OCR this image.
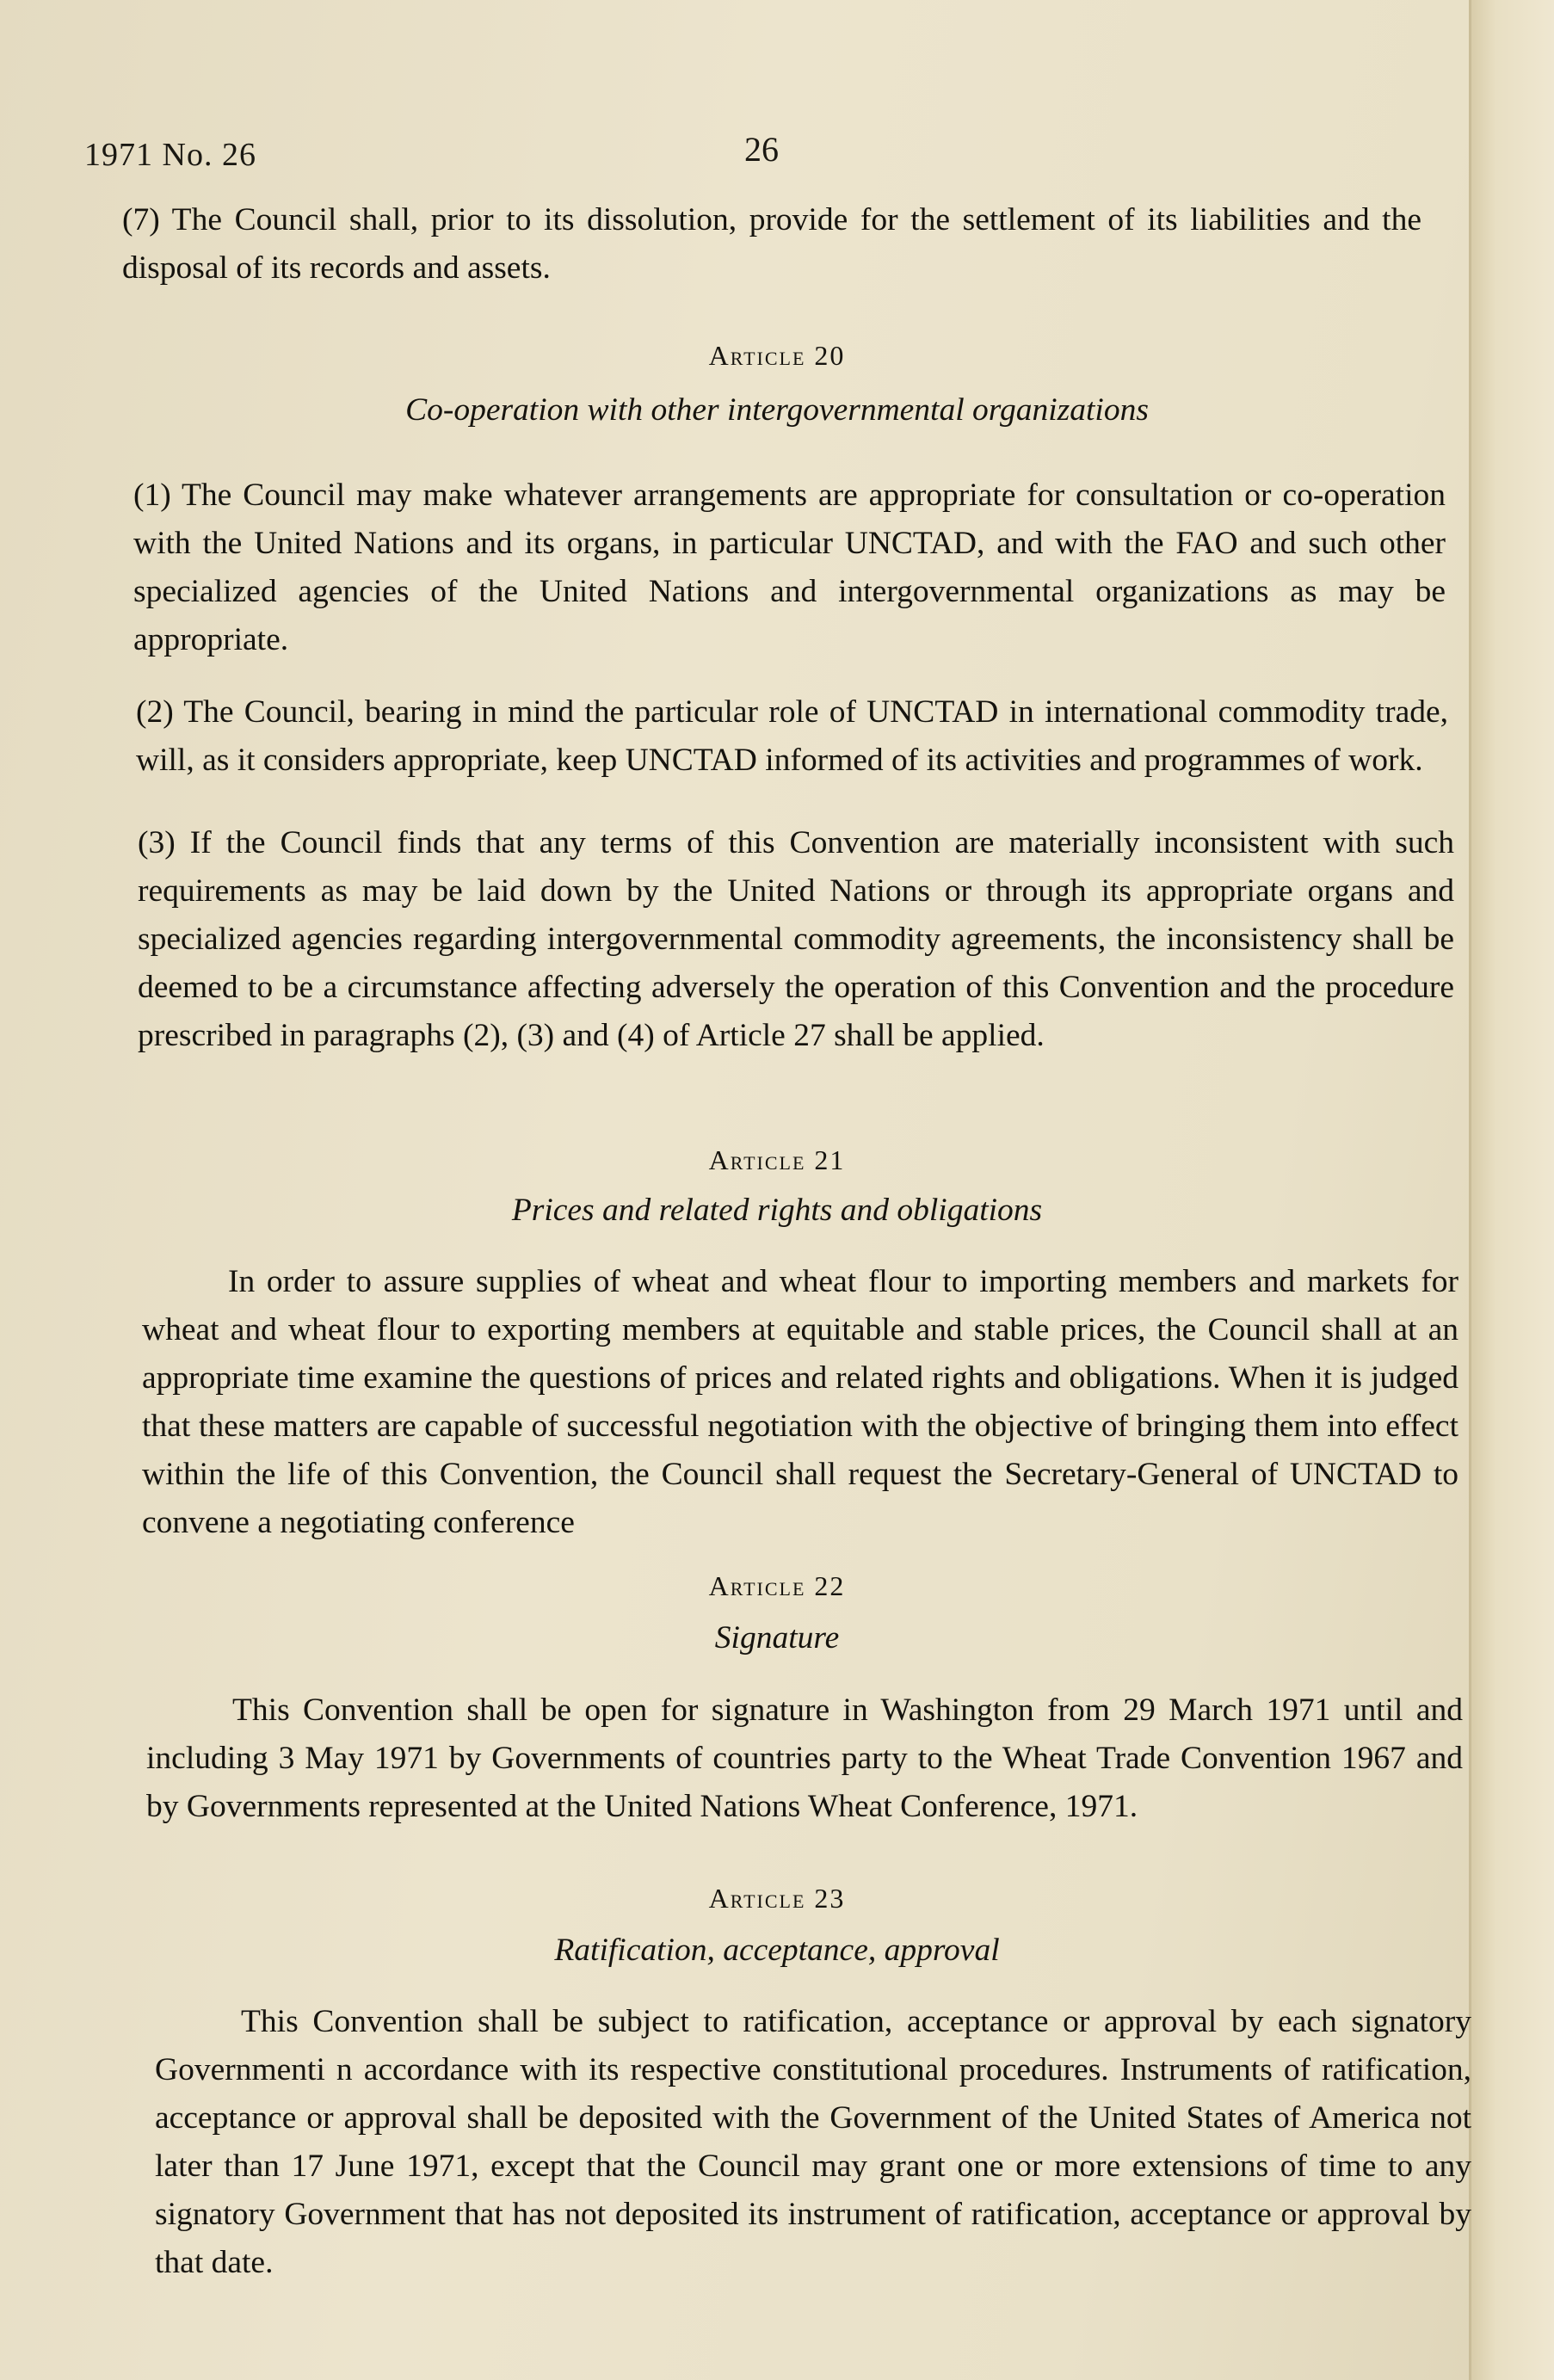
1971 No. 26	26
(7) The Council shall, prior to its dissolution, provide for the settlement of its liabilities and the disposal of its records and assets.
Article 20
Co-operation with other intergovernmental organizations
(1) The Council may make whatever arrangements are appropriate for consultation or co-operation with the United Nations and its organs, in particular UNCTAD, and with the FAO and such other specialized agencies of the United Nations and intergovernmental organizations as may be appropriate.
(2) The Council, bearing in mind the particular role of UNCTAD in international commodity trade, will, as it considers appropriate, keep UNCTAD informed of its activities and programmes of work.
(3) If the Council finds that any terms of this Convention are materially inconsistent with such requirements as may be laid down by the United Nations or through its appropriate organs and specialized agencies regarding intergovernmental commodity agreements, the inconsistency shall be deemed to be a circumstance affecting adversely the operation of this Convention and the procedure prescribed in paragraphs (2), (3) and (4) of Article 27 shall be applied.
Article 21
Prices and related rights and obligations
In order to assure supplies of wheat and wheat flour to importing members and markets for wheat and wheat flour to exporting members at equitable and stable prices, the Council shall at an appropriate time examine the questions of prices and related rights and obligations. When it is judged that these matters are capable of successful negotiation with the objective of bringing them into effect within the life of this Convention, the Council shall request the Secretary-General of UNCTAD to convene a negotiating conference
Article 22
Signature
This Convention shall be open for signature in Washington from 29 March 1971 until and including 3 May 1971 by Governments of countries party to the Wheat Trade Convention 1967 and by Governments represented at the United Nations Wheat Conference, 1971.
Article 23
Ratification, acceptance, approval
This Convention shall be subject to ratification, acceptance or approval by each signatory Governmenti n accordance with its respective constitutional procedures. Instruments of ratification, acceptance or approval shall be deposited with the Government of the United States of America not later than 17 June 1971, except that the Council may grant one or more extensions of time to any signatory Government that has not deposited its instrument of ratification, acceptance or approval by that date.
